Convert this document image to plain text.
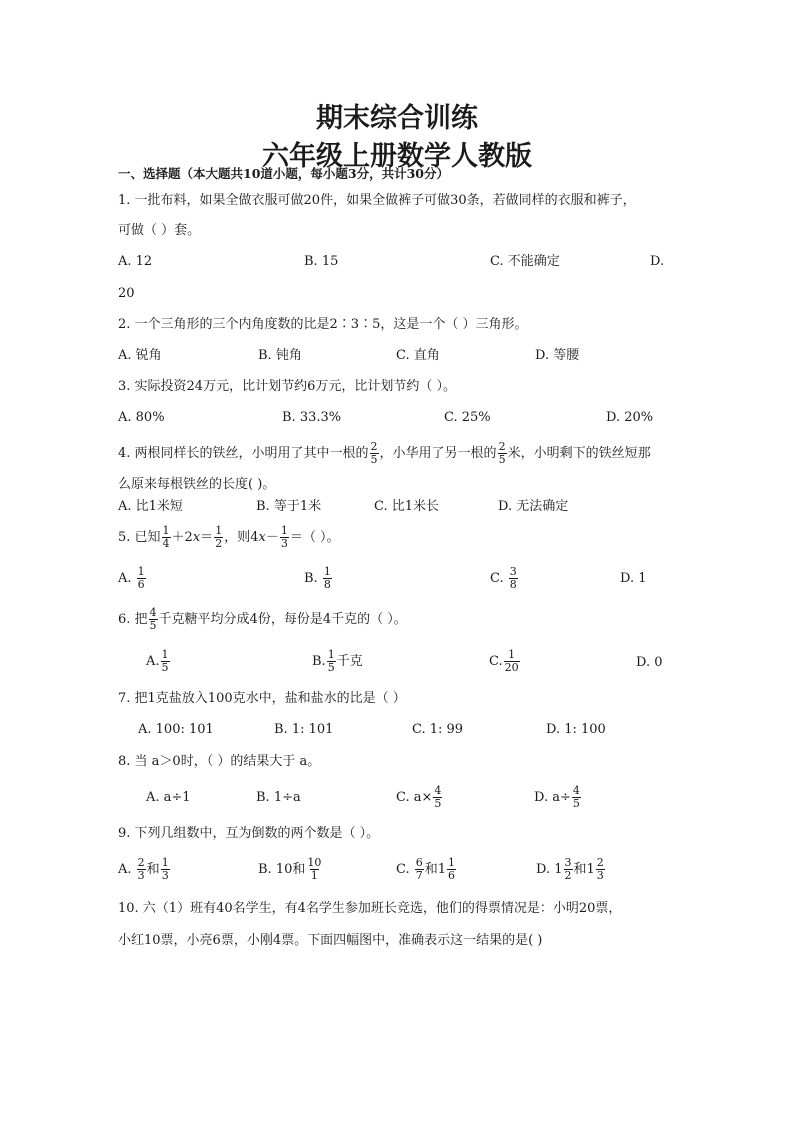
期末综合训练
六年级上册数学人教版
一、选择题（本大题共10道小题，每小题3分，共计30分）
1. 一批布料，如果全做衣服可做20件，如果全做裤子可做30条，若做同样的衣服和裤子，
可做（ ）套。
A. 12	B. 15	C. 不能确定	D.
20
2. 一个三角形的三个内角度数的比是2∶3∶5，这是一个（ ）三角形。
A. 锐角	B. 钝角	C. 直角	D. 等腰
3. 实际投资24万元，比计划节约6万元，比计划节约（ ）。
A. 80%	B. 33.3%	C. 25%	D. 20%
4. 两根同样长的铁丝，小明用了其中一根的 $\frac{2}{5}$ ，小华用了另一根的 $\frac{2}{5}$ 米，小明剩下的铁丝短那
么原来每根铁丝的长度( )。
A. 比1米短	B. 等于1米	C. 比1米长	D. 无法确定
5. 已知 $\frac{1}{4} +2x= \frac{1}{2}$ ，则$4x- \frac{1}{3}$ ＝（ ）。
A. $\frac{1}{6}$	B. $\frac{1}{8}$	C. $\frac{3}{8}$	D. 1
6. 把 $\frac{4}{5}$ 千克糖平均分成4份，每份是4千克的（ ）。
A. $\frac{1}{5}$	B. $\frac{1}{5}$ 千克	C. $\frac{1}{20}$	D. 0
7. 把1克盐放入100克水中，盐和盐水的比是（ ）
A. 100: 101	B. 1: 101	C. 1: 99	D. 1: 100
8. 当 a＞0时，（ ）的结果大于 a。
A. a÷1	B. 1÷a	C. $a\times \frac{4}{5}$	D. $a\div \frac{4}{5}$
9. 下列几组数中，互为倒数的两个数是（ ）。
A. $\frac{2}{3}$ 和 $\frac{1}{3}$	B. 10和 $\frac{10}{1}$	C. $\frac{6}{7}$ 和$1 \frac{1}{6}$	D. $1 \frac{3}{2}$ 和$1 \frac{2}{3}$
10. 六（1）班有40名学生，有4名学生参加班长竞选，他们的得票情况是：小明20票，
小红10票，小亮6票，小刚4票。下面四幅图中，准确表示这一结果的是( )
